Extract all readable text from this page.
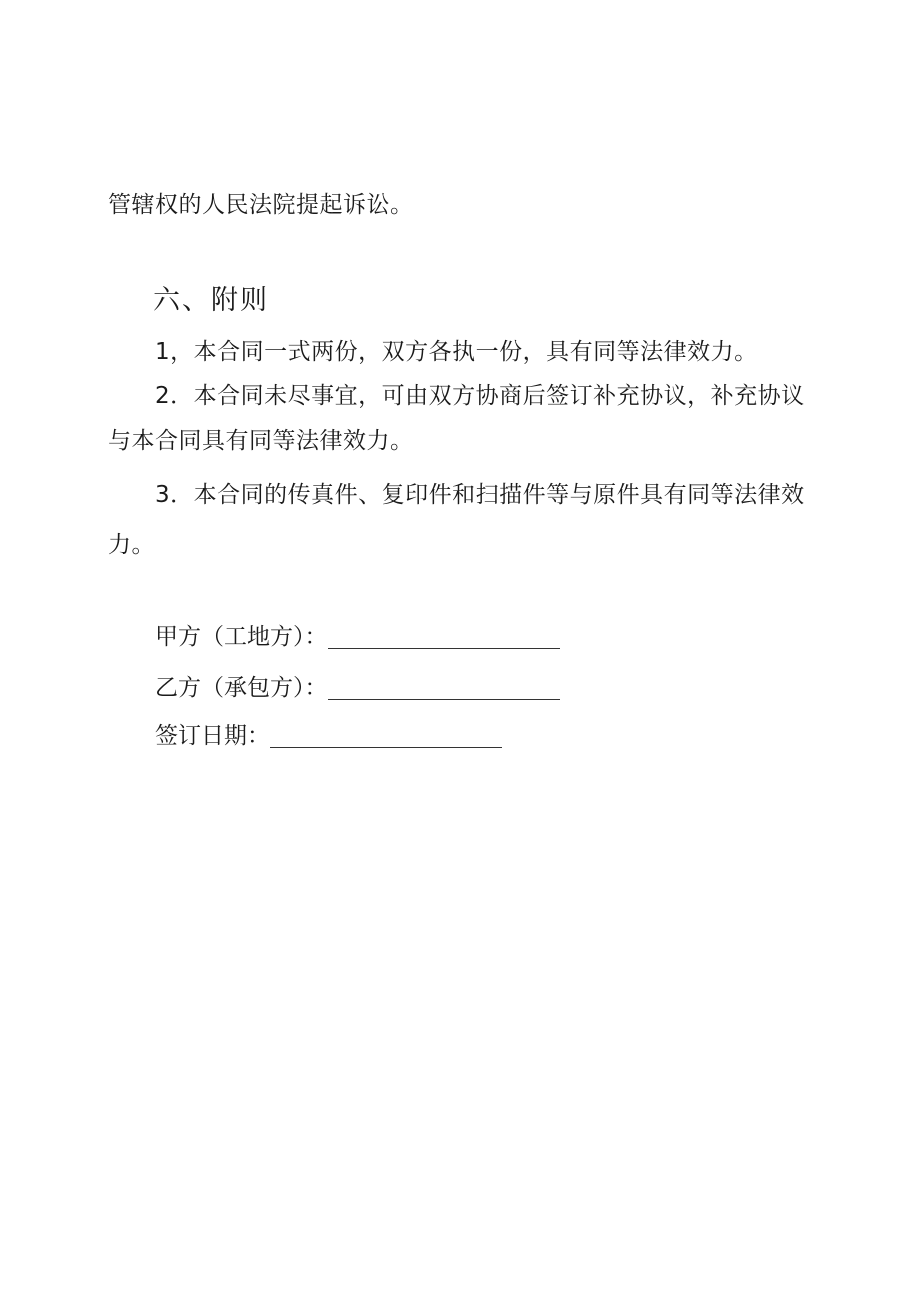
管辖权的人民法院提起诉讼。
六、附则
1，本合同一式两份，双方各执一份，具有同等法律效力。
2．本合同未尽事宜，可由双方协商后签订补充协议，补充协议
与本合同具有同等法律效力。
3．本合同的传真件、复印件和扫描件等与原件具有同等法律效
力。
甲方（工地方）：
乙方（承包方）：
签订日期：
